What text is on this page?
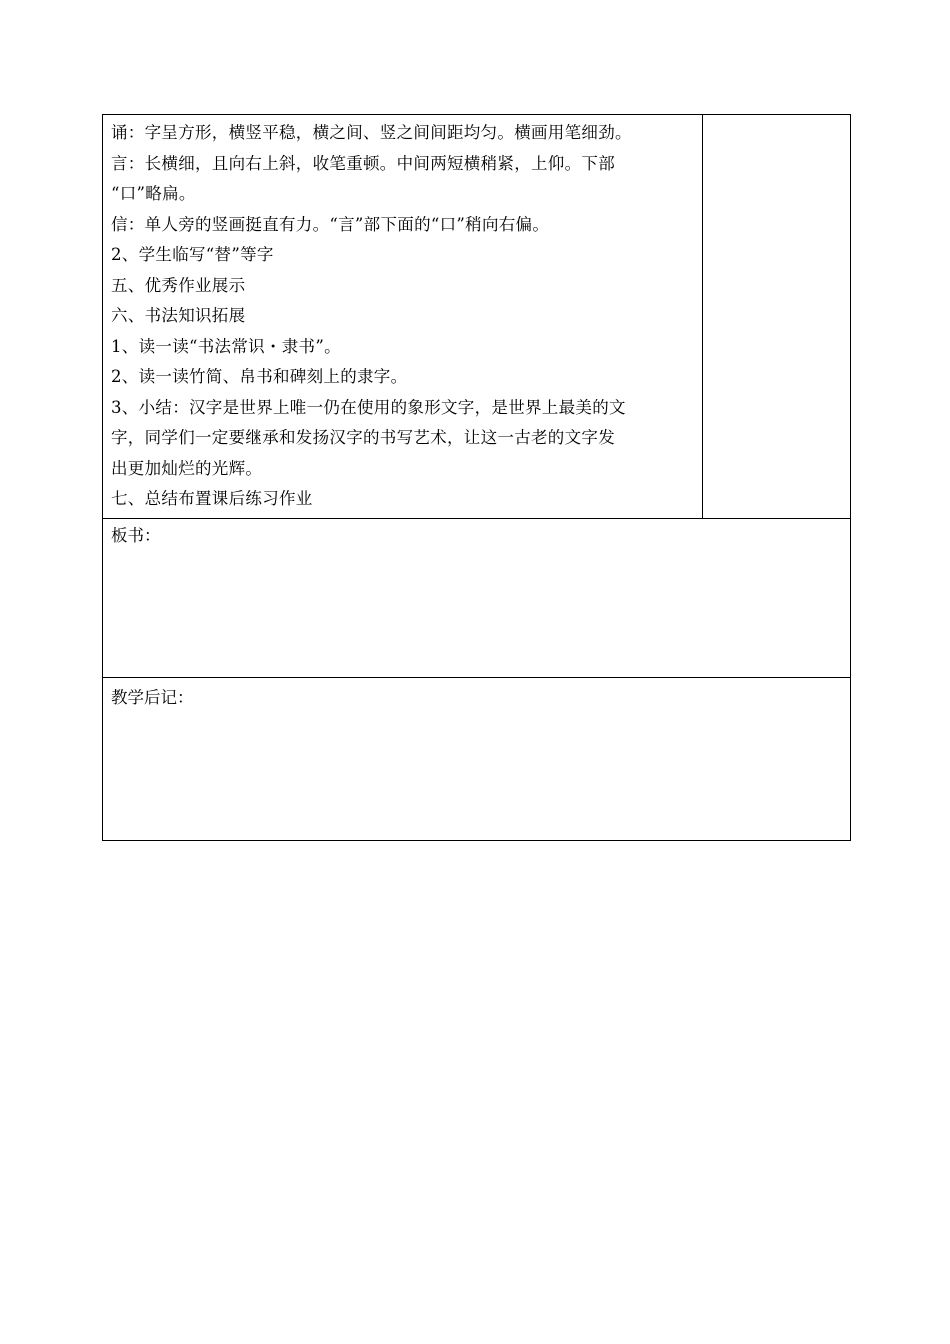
诵：字呈方形，横竖平稳，横之间、竖之间间距均匀。横画用笔细劲。
言：长横细，且向右上斜，收笔重顿。中间两短横稍紧，上仰。下部
“口”略扁。
信：单人旁的竖画挺直有力。“言”部下面的“口”稍向右偏。
2、学生临写“替”等字
五、优秀作业展示
六、书法知识拓展
1、读一读“书法常识・隶书”。
2、读一读竹简、帛书和碑刻上的隶字。
3、小结：汉字是世界上唯一仍在使用的象形文字，是世界上最美的文
字，同学们一定要继承和发扬汉字的书写艺术，让这一古老的文字发
出更加灿烂的光辉。
七、总结布置课后练习作业

板书：

教学后记：
